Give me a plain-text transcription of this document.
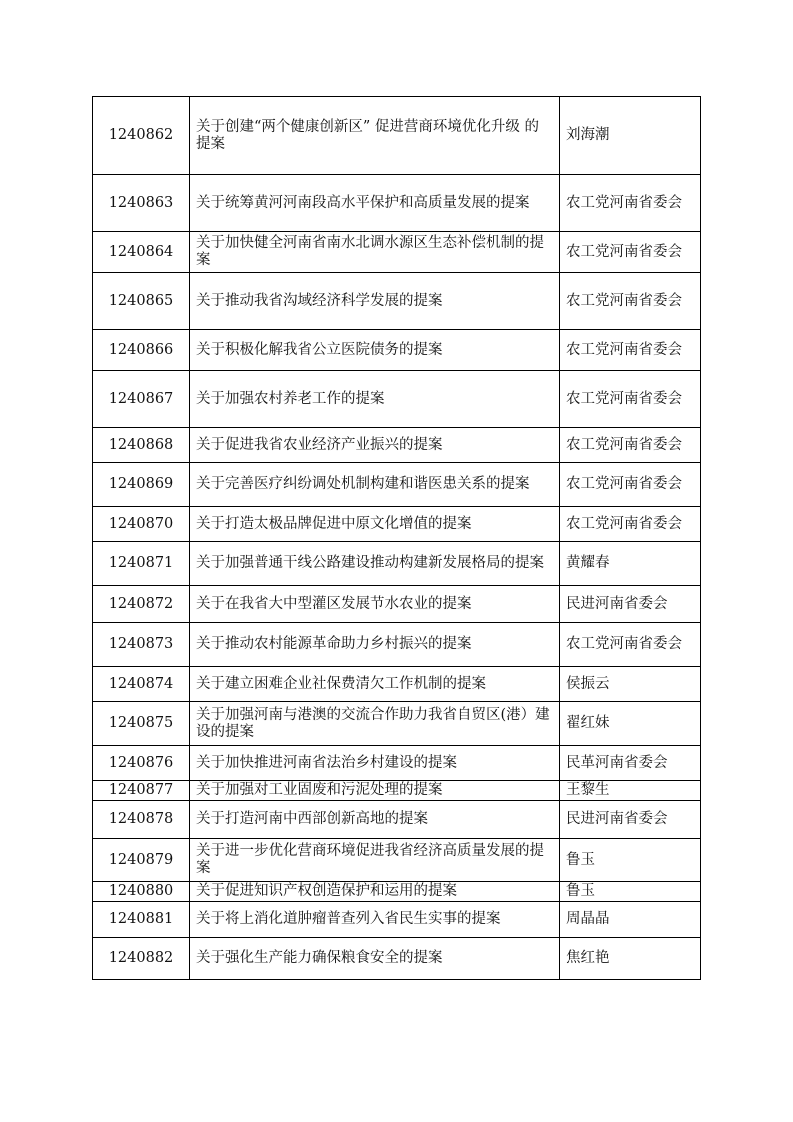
1240862	关于创建“两个健康创新区” 促进营商环境优化升级 的提案	刘海潮
1240863	关于统筹黄河河南段高水平保护和高质量发展的提案	农工党河南省委会
1240864	关于加快健全河南省南水北调水源区生态补偿机制的提案	农工党河南省委会
1240865	关于推动我省沟域经济科学发展的提案	农工党河南省委会
1240866	关于积极化解我省公立医院债务的提案	农工党河南省委会
1240867	关于加强农村养老工作的提案	农工党河南省委会
1240868	关于促进我省农业经济产业振兴的提案	农工党河南省委会
1240869	关于完善医疗纠纷调处机制构建和谐医患关系的提案	农工党河南省委会
1240870	关于打造太极品牌促进中原文化增值的提案	农工党河南省委会
1240871	关于加强普通干线公路建设推动构建新发展格局的提案	黄耀春
1240872	关于在我省大中型灌区发展节水农业的提案	民进河南省委会
1240873	关于推动农村能源革命助力乡村振兴的提案	农工党河南省委会
1240874	关于建立困难企业社保费清欠工作机制的提案	侯振云
1240875	关于加强河南与港澳的交流合作助力我省自贸区(港）建设的提案	翟红妹
1240876	关于加快推进河南省法治乡村建设的提案	民革河南省委会
1240877	关于加强对工业固废和污泥处理的提案	王黎生
1240878	关于打造河南中西部创新高地的提案	民进河南省委会
1240879	关于进一步优化营商环境促进我省经济高质量发展的提案	鲁玉
1240880	关于促进知识产权创造保护和运用的提案	鲁玉
1240881	关于将上消化道肿瘤普查列入省民生实事的提案	周晶晶
1240882	关于强化生产能力确保粮食安全的提案	焦红艳
